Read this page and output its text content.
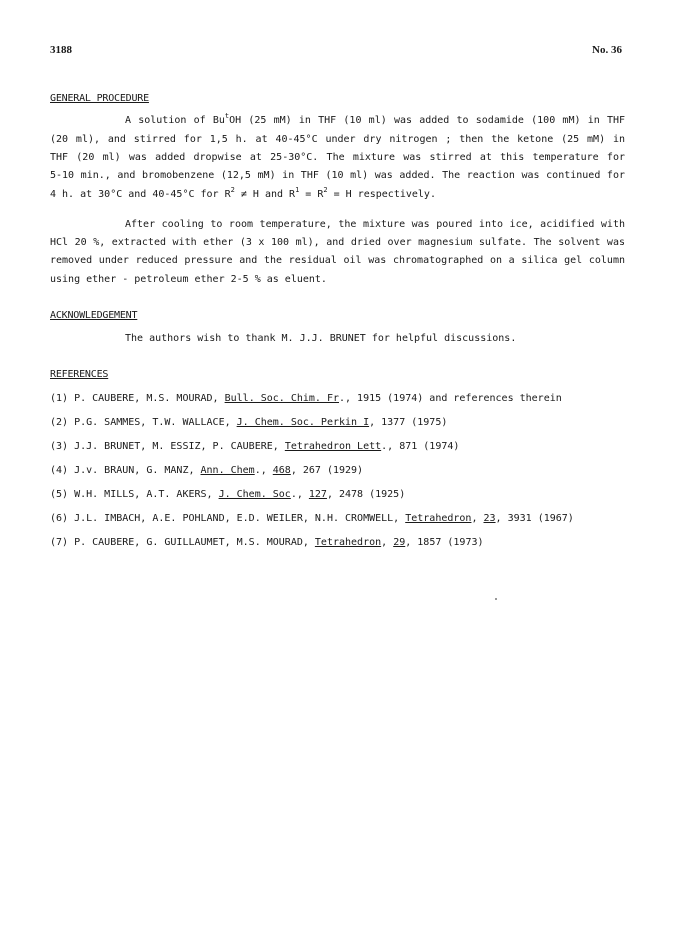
3188	No. 36
GENERAL PROCEDURE
A solution of Bu$^t$OH (25 mM) in THF (10 ml) was added to sodamide (100 mM) in THF
(20 ml), and stirred for 1,5 h. at 40-45°C under dry nitrogen ; then the ketone (25 mM) in
THF (20 ml) was added dropwise at 25-30°C. The mixture was stirred at this temperature for
5-10 min., and bromobenzene (12,5 mM) in THF (10 ml) was added. The reaction was continued for
4 h. at 30°C and 40-45°C for $R^2 \ne H$ and $R^1 = R^2 = H$ respectively.
After cooling to room temperature, the mixture was poured into ice, acidified with
HCl 20 %, extracted with ether (3 x 100 ml), and dried over magnesium sulfate. The solvent was
removed under reduced pressure and the residual oil was chromatographed on a silica gel column
using ether - petroleum ether 2-5 % as eluent.
ACKNOWLEDGEMENT
The authors wish to thank M. J.J. BRUNET for helpful discussions.
REFERENCES
(1) P. CAUBERE, M.S. MOURAD, Bull. Soc. Chim. Fr., 1915 (1974) and references therein
(2) P.G. SAMMES, T.W. WALLACE, J. Chem. Soc. Perkin I, 1377 (1975)
(3) J.J. BRUNET, M. ESSIZ, P. CAUBERE, Tetrahedron Lett., 871 (1974)
(4) J.v. BRAUN, G. MANZ, Ann. Chem., 468, 267 (1929)
(5) W.H. MILLS, A.T. AKERS, J. Chem. Soc., 127, 2478 (1925)
(6) J.L. IMBACH, A.E. POHLAND, E.D. WEILER, N.H. CROMWELL, Tetrahedron, 23, 3931 (1967)
(7) P. CAUBERE, G. GUILLAUMET, M.S. MOURAD, Tetrahedron, 29, 1857 (1973)
